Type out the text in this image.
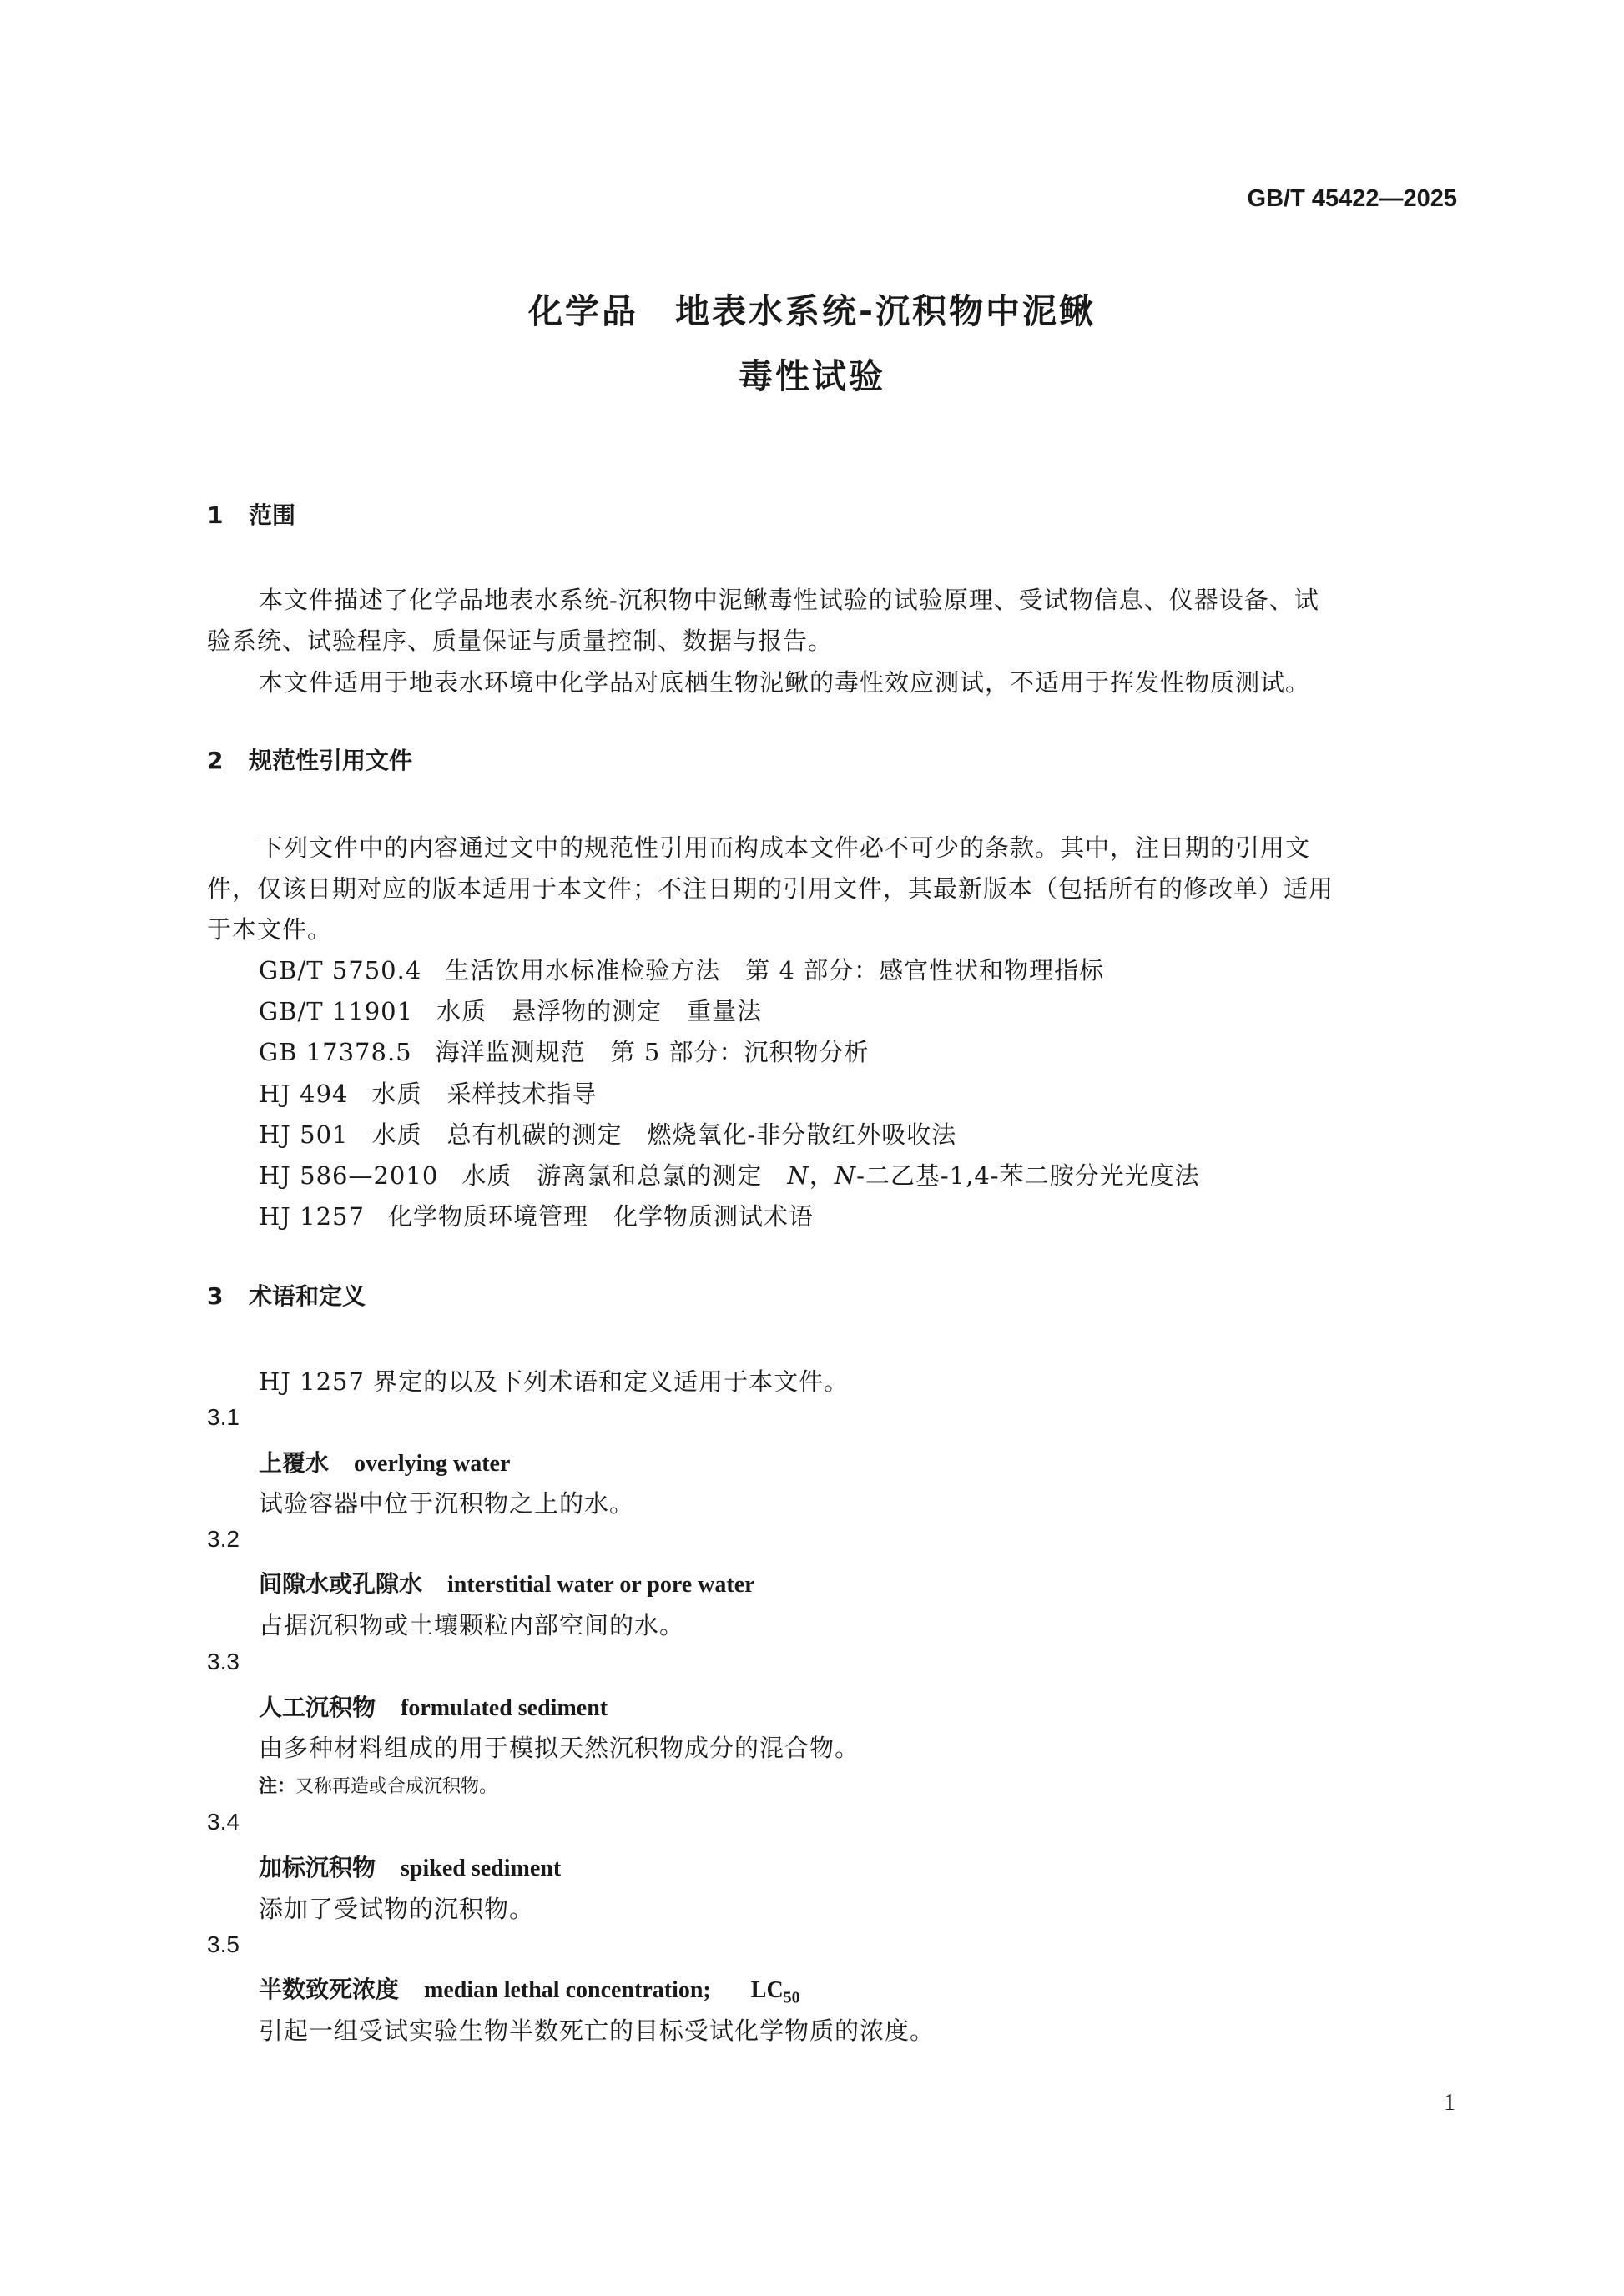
GB/T 45422—2025
化学品　地表水系统-沉积物中泥鳅
毒性试验
1 范围
本文件描述了化学品地表水系统-沉积物中泥鳅毒性试验的试验原理、受试物信息、仪器设备、试
验系统、试验程序、质量保证与质量控制、数据与报告。
本文件适用于地表水环境中化学品对底栖生物泥鳅的毒性效应测试，不适用于挥发性物质测试。
2 规范性引用文件
下列文件中的内容通过文中的规范性引用而构成本文件必不可少的条款。其中，注日期的引用文
件，仅该日期对应的版本适用于本文件；不注日期的引用文件，其最新版本（包括所有的修改单）适用
于本文件。
GB/T 5750.4 生活饮用水标准检验方法　第 4 部分：感官性状和物理指标
GB/T 11901 水质　悬浮物的测定　重量法
GB 17378.5 海洋监测规范　第 5 部分：沉积物分析
HJ 494 水质　采样技术指导
HJ 501 水质　总有机碳的测定　燃烧氧化-非分散红外吸收法
HJ 586—2010 水质　游离氯和总氯的测定　N，N-二乙基-1,4-苯二胺分光光度法
HJ 1257 化学物质环境管理　化学物质测试术语
3 术语和定义
HJ 1257 界定的以及下列术语和定义适用于本文件。
3.1
上覆水 overlying water
试验容器中位于沉积物之上的水。
3.2
间隙水或孔隙水 interstitial water or pore water
占据沉积物或土壤颗粒内部空间的水。
3.3
人工沉积物 formulated sediment
由多种材料组成的用于模拟天然沉积物成分的混合物。
注：又称再造或合成沉积物。
3.4
加标沉积物 spiked sediment
添加了受试物的沉积物。
3.5
半数致死浓度 median lethal concentration; $LC_{50}$
引起一组受试实验生物半数死亡的目标受试化学物质的浓度。
1
